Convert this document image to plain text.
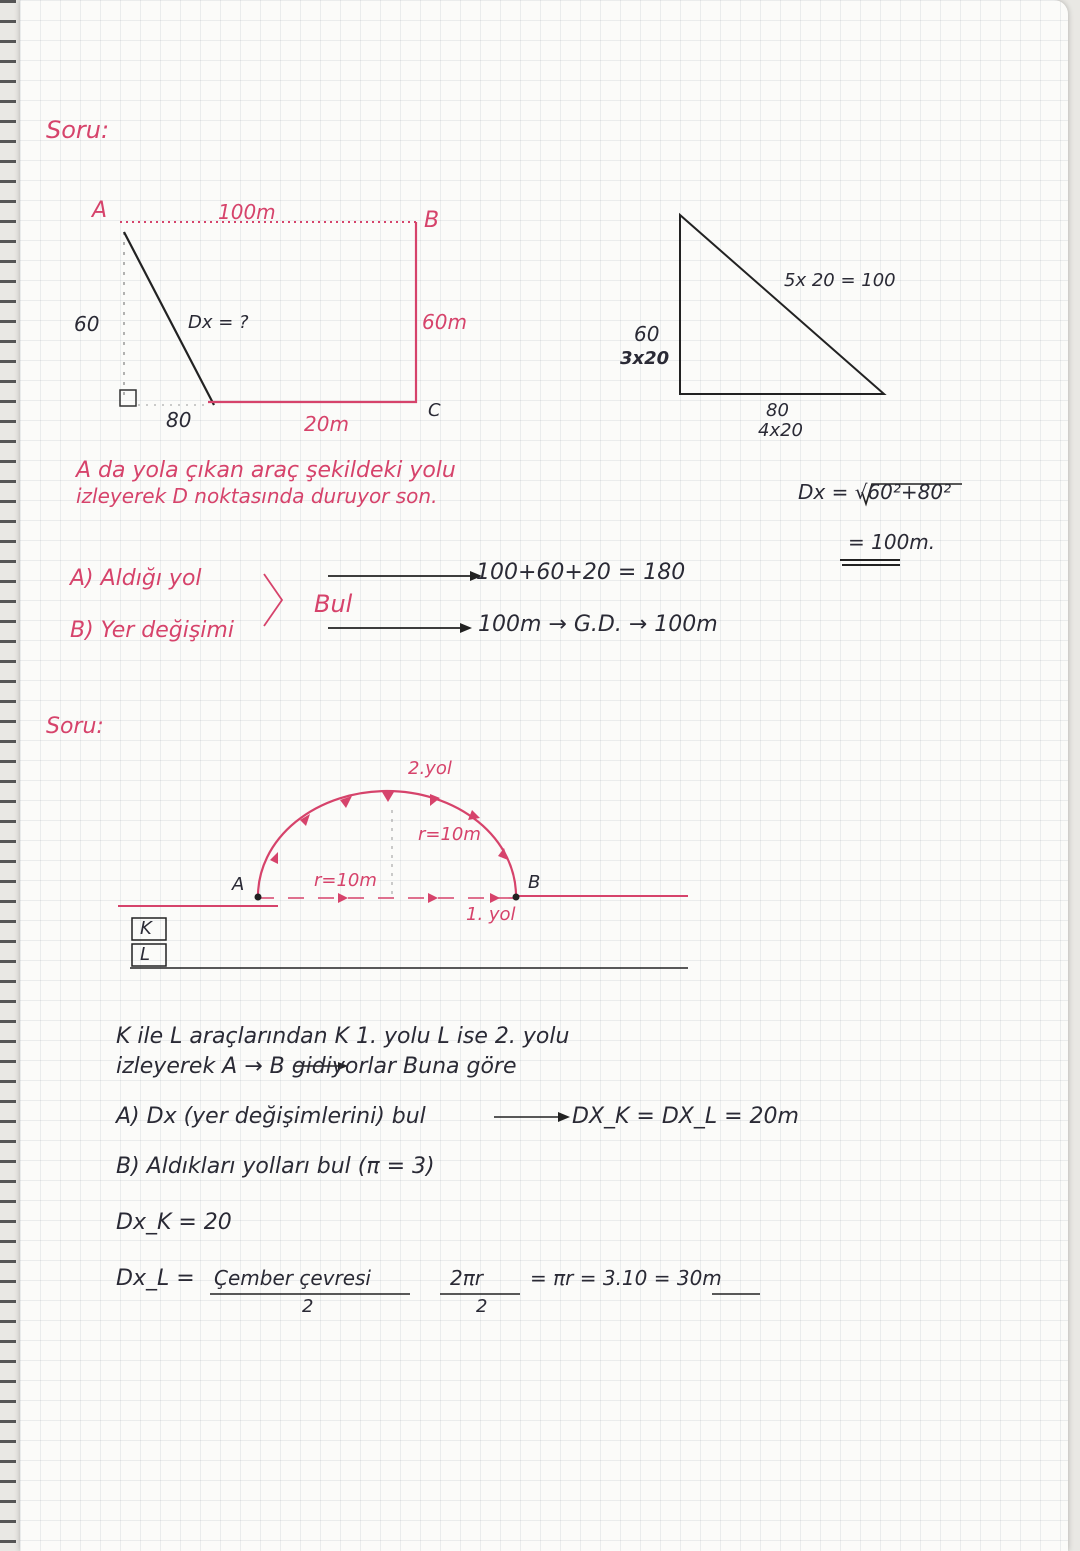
Soru:
A	100m	B
60	Dx = ?	60m
C
80	20m
5x 20 = 100
60
3x20
80
4x20
A da yola çıkan araç şekildeki yolu
izleyerek D noktasında duruyor son.	Dx = √60²+80²
= 100m.
A) Aldığı yol
B) Yer değişimi
Bul
100+60+20 = 180
100m → G.D. → 100m
Soru:
2.yol
r=10m
A	r=10m	B
1. yol
K
L
K ile L araçlarından K 1. yolu L ise 2. yolu
izleyerek A → B gidiyorlar Buna göre
A) Dx (yer değişimlerini) bul	DX_K = DX_L = 20m
B) Aldıkları yolları bul (π = 3)
Dx_K = 20
Dx_L = Çember çevresi
2
2πr
2
= πr = 3.10 = 30m
